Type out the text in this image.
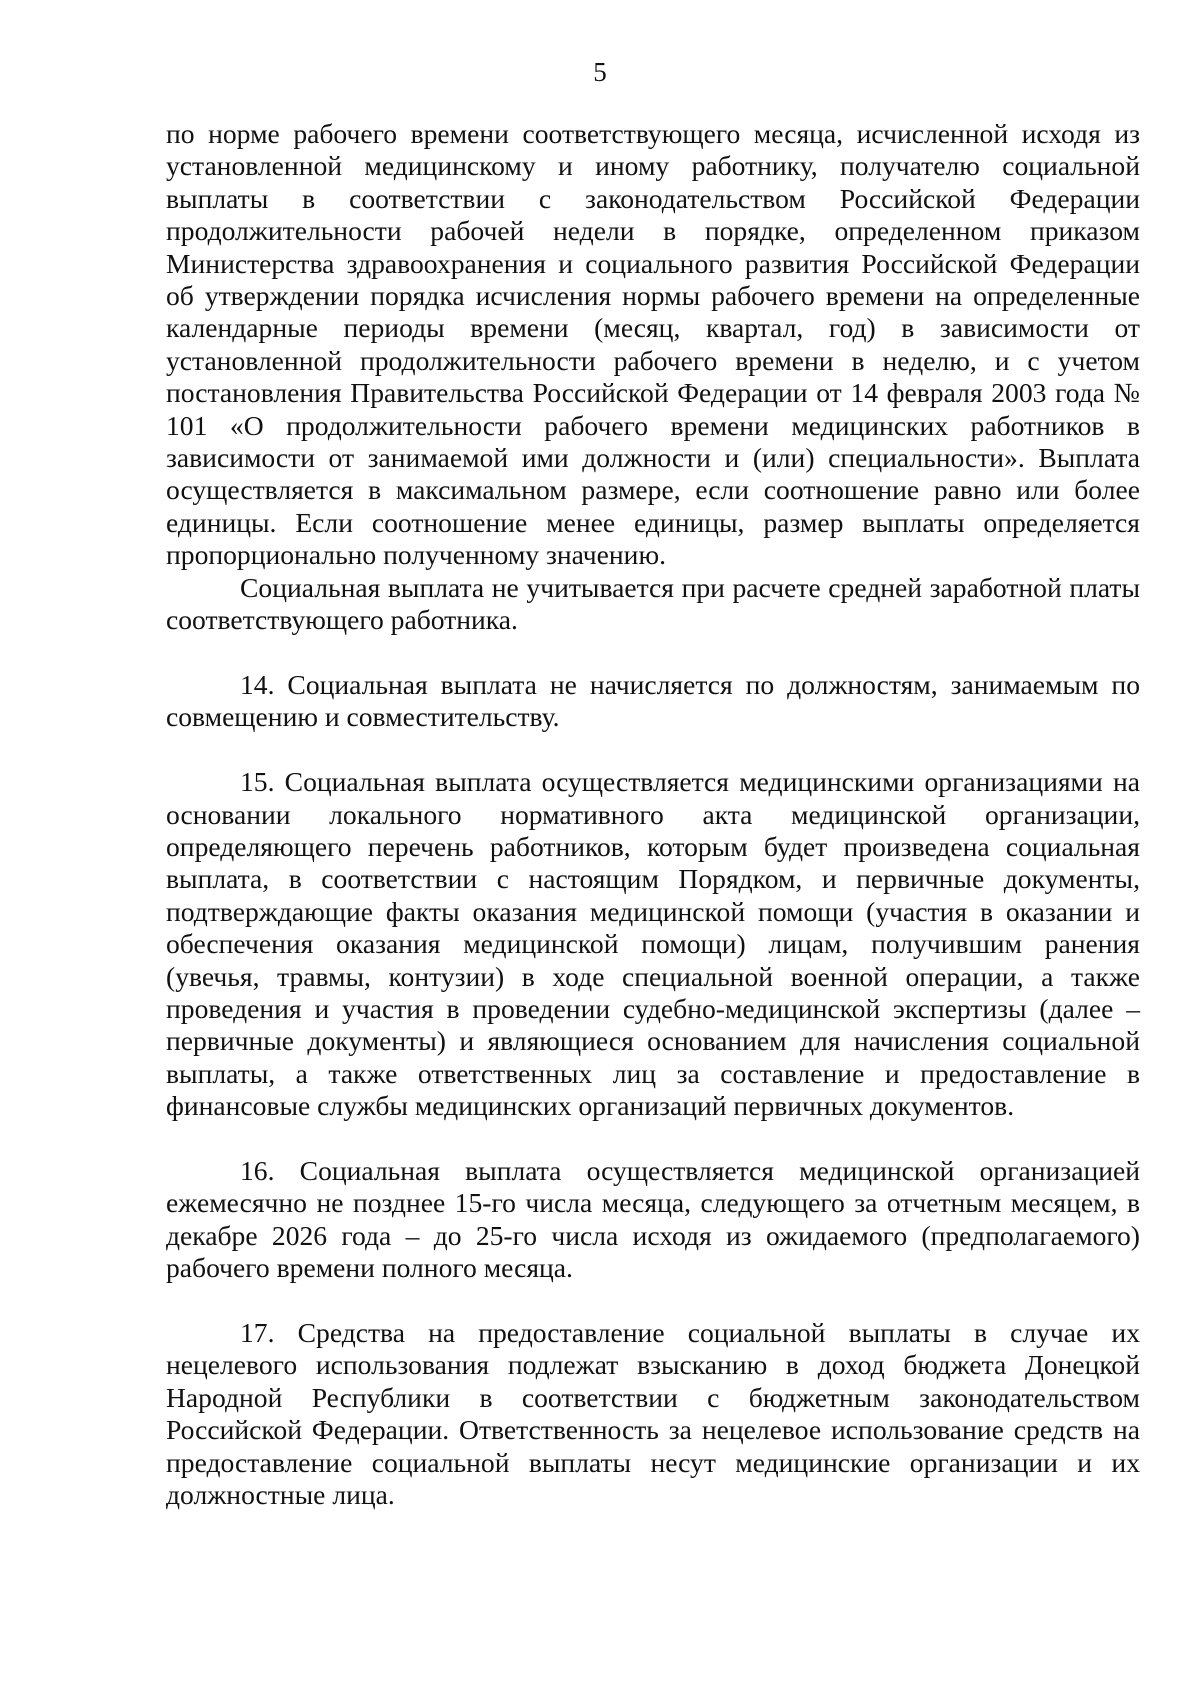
5

по норме рабочего времени соответствующего месяца, исчисленной исходя из установленной медицинскому и иному работнику, получателю социальной выплаты в соответствии с законодательством Российской Федерации продолжительности рабочей недели в порядке, определенном приказом Министерства здравоохранения и социального развития Российской Федерации об утверждении порядка исчисления нормы рабочего времени на определенные календарные периоды времени (месяц, квартал, год) в зависимости от установленной продолжительности рабочего времени в неделю, и с учетом постановления Правительства Российской Федерации от 14 февраля 2003 года № 101 «О продолжительности рабочего времени медицинских работников в зависимости от занимаемой ими должности и (или) специальности». Выплата осуществляется в максимальном размере, если соотношение равно или более единицы. Если соотношение менее единицы, размер выплаты определяется пропорционально полученному значению.

Социальная выплата не учитывается при расчете средней заработной платы соответствующего работника.

14. Социальная выплата не начисляется по должностям, занимаемым по совмещению и совместительству.

15. Социальная выплата осуществляется медицинскими организациями на основании локального нормативного акта медицинской организации, определяющего перечень работников, которым будет произведена социальная выплата, в соответствии с настоящим Порядком, и первичные документы, подтверждающие факты оказания медицинской помощи (участия в оказании и обеспечения оказания медицинской помощи) лицам, получившим ранения (увечья, травмы, контузии) в ходе специальной военной операции, а также проведения и участия в проведении судебно-медицинской экспертизы (далее – первичные документы) и являющиеся основанием для начисления социальной выплаты, а также ответственных лиц за составление и предоставление в финансовые службы медицинских организаций первичных документов.

16. Социальная выплата осуществляется медицинской организацией ежемесячно не позднее 15-го числа месяца, следующего за отчетным месяцем, в декабре 2026 года – до 25-го числа исходя из ожидаемого (предполагаемого) рабочего времени полного месяца.

17. Средства на предоставление социальной выплаты в случае их нецелевого использования подлежат взысканию в доход бюджета Донецкой Народной Республики в соответствии с бюджетным законодательством Российской Федерации. Ответственность за нецелевое использование средств на предоставление социальной выплаты несут медицинские организации и их должностные лица.
